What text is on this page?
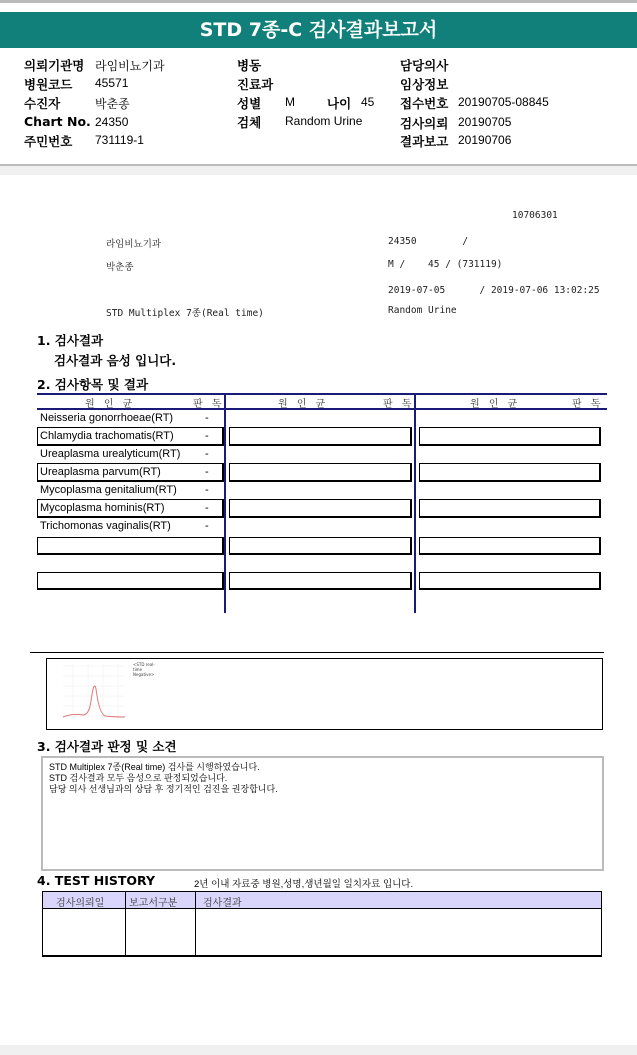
STD 7종-C 검사결과보고서
의뢰기관명 라임비뇨기과
병원코드 45571
수진자	박춘종
Chart No. 24350
주민번호 731119-1
병동
진료과
성별 M	나이 45
검체 Random Urine
담당의사
임상정보
접수번호 20190705-08845
검사의뢰 20190705
결과보고 20190706
10706301
라임비뇨기과	24350        /
박춘종	M /    45 / (731119)
2019-07-05      / 2019-07-06 13:02:25
STD Multiplex 7종(Real time)	Random Urine
1. 검사결과
검사결과 음성 입니다.
2. 검사항목 및 결과
원 인 균	판 독	원 인 균	판 독	원 인 균	판 독
Neisseria gonorrhoeae(RT)	-
Chlamydia trachomatis(RT)	-
Ureaplasma urealyticum(RT) -
Ureaplasma parvum(RT)	-
Mycoplasma genitalium(RT)	-
Mycoplasma hominis(RT)	-
Trichomonas vaginalis(RT)	-
<STD real-time Negative>
3. 검사결과 판정 및 소견
STD Multiplex 7종(Real time) 검사를 시행하였습니다.
STD 검사결과 모두 음성으로 판정되었습니다.
담당 의사 선생님과의 상담 후 정기적인 검진을 권장합니다.
4. TEST HISTORY	2년 이내 자료중 병원,성명,생년월일 일치자료 입니다.
검사의뢰일 보고서구분	검사결과
